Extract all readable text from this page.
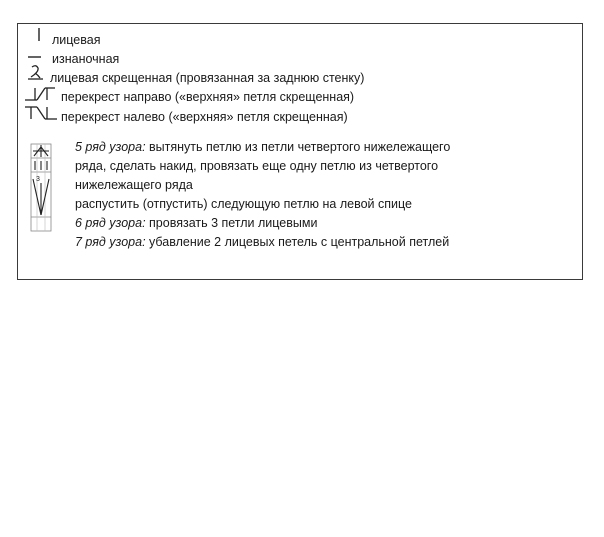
лицевая
изнаночная
лицевая скрещенная (провязанная за заднюю стенку)
перекрест направо («верхняя» петля скрещенная)
перекрест налево («верхняя» петля скрещенная)
3
5 ряд узора: вытянуть петлю из петли четвертого нижележащего
ряда, сделать накид, провязать еще одну петлю из четвертого
нижележащего ряда
распустить (отпустить) следующую петлю на левой спице
6 ряд узора: провязать 3 петли лицевыми
7 ряд узора: убавление 2 лицевых петель с центральной петлей
